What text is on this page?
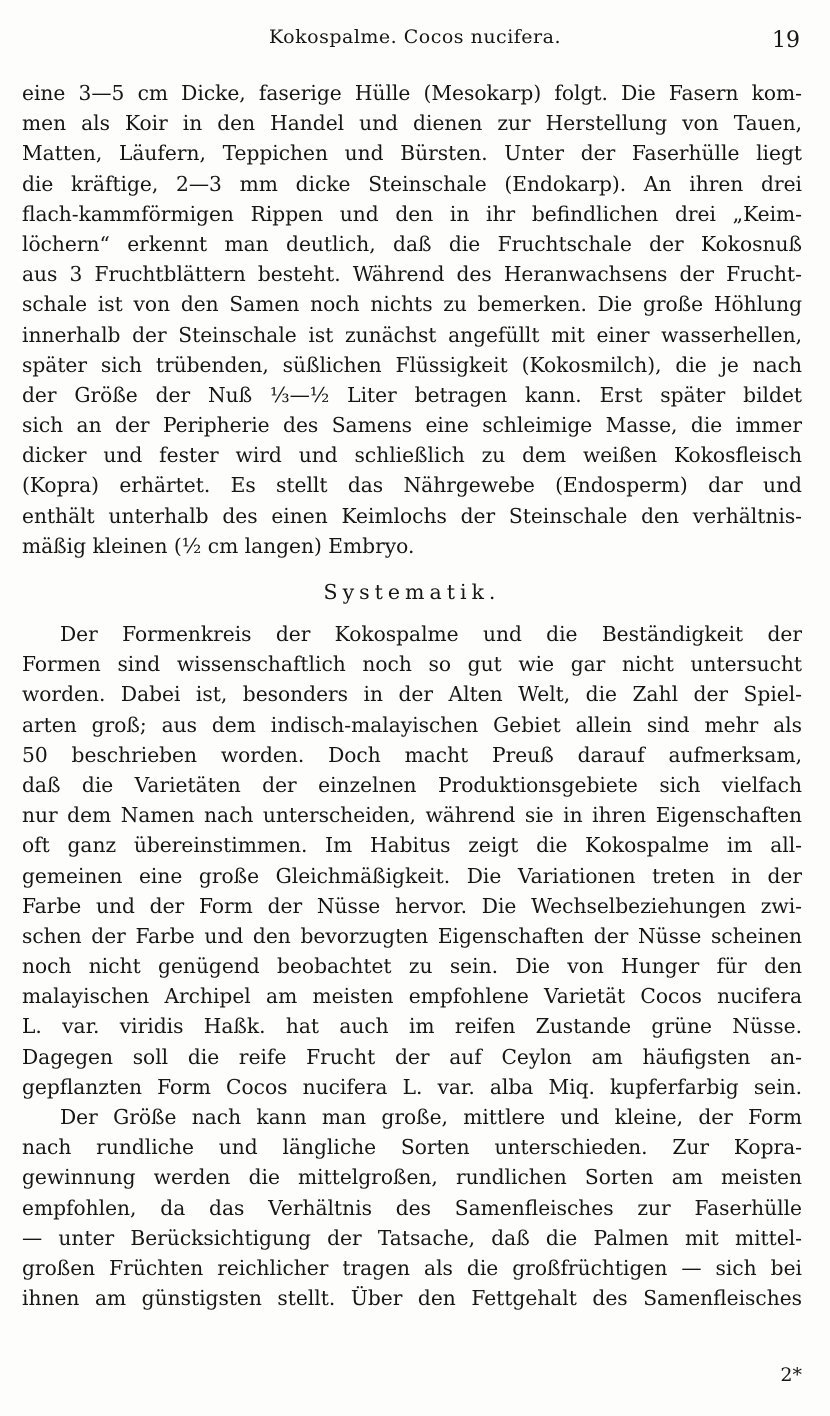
Kokospalme. Cocos nucifera.	19
eine 3—5 cm Dicke, faserige Hülle (Mesokarp) folgt. Die Fasern kom-
men als Koir in den Handel und dienen zur Herstellung von Tauen,
Matten, Läufern, Teppichen und Bürsten. Unter der Faserhülle liegt
die kräftige, 2—3 mm dicke Steinschale (Endokarp). An ihren drei
flach-kammförmigen Rippen und den in ihr befindlichen drei „Keim-
löchern“ erkennt man deutlich, daß die Fruchtschale der Kokosnuß
aus 3 Fruchtblättern besteht. Während des Heranwachsens der Frucht-
schale ist von den Samen noch nichts zu bemerken. Die große Höhlung
innerhalb der Steinschale ist zunächst angefüllt mit einer wasserhellen,
später sich trübenden, süßlichen Flüssigkeit (Kokosmilch), die je nach
der Größe der Nuß ⅓—½ Liter betragen kann. Erst später bildet
sich an der Peripherie des Samens eine schleimige Masse, die immer
dicker und fester wird und schließlich zu dem weißen Kokosfleisch
(Kopra) erhärtet. Es stellt das Nährgewebe (Endosperm) dar und
enthält unterhalb des einen Keimlochs der Steinschale den verhältnis-
mäßig kleinen (½ cm langen) Embryo.
Systematik.
Der Formenkreis der Kokospalme und die Beständigkeit der
Formen sind wissenschaftlich noch so gut wie gar nicht untersucht
worden. Dabei ist, besonders in der Alten Welt, die Zahl der Spiel-
arten groß; aus dem indisch-malayischen Gebiet allein sind mehr als
50 beschrieben worden. Doch macht Preuß darauf aufmerksam,
daß die Varietäten der einzelnen Produktionsgebiete sich vielfach
nur dem Namen nach unterscheiden, während sie in ihren Eigenschaften
oft ganz übereinstimmen. Im Habitus zeigt die Kokospalme im all-
gemeinen eine große Gleichmäßigkeit. Die Variationen treten in der
Farbe und der Form der Nüsse hervor. Die Wechselbeziehungen zwi-
schen der Farbe und den bevorzugten Eigenschaften der Nüsse scheinen
noch nicht genügend beobachtet zu sein. Die von Hunger für den
malayischen Archipel am meisten empfohlene Varietät Cocos nucifera
L. var. viridis Haßk. hat auch im reifen Zustande grüne Nüsse.
Dagegen soll die reife Frucht der auf Ceylon am häufigsten an-
gepflanzten Form Cocos nucifera L. var. alba Miq. kupferfarbig sein.
Der Größe nach kann man große, mittlere und kleine, der Form
nach rundliche und längliche Sorten unterschieden. Zur Kopra-
gewinnung werden die mittelgroßen, rundlichen Sorten am meisten
empfohlen, da das Verhältnis des Samenfleisches zur Faserhülle
— unter Berücksichtigung der Tatsache, daß die Palmen mit mittel-
großen Früchten reichlicher tragen als die großfrüchtigen — sich bei
ihnen am günstigsten stellt. Über den Fettgehalt des Samenfleisches
2*
